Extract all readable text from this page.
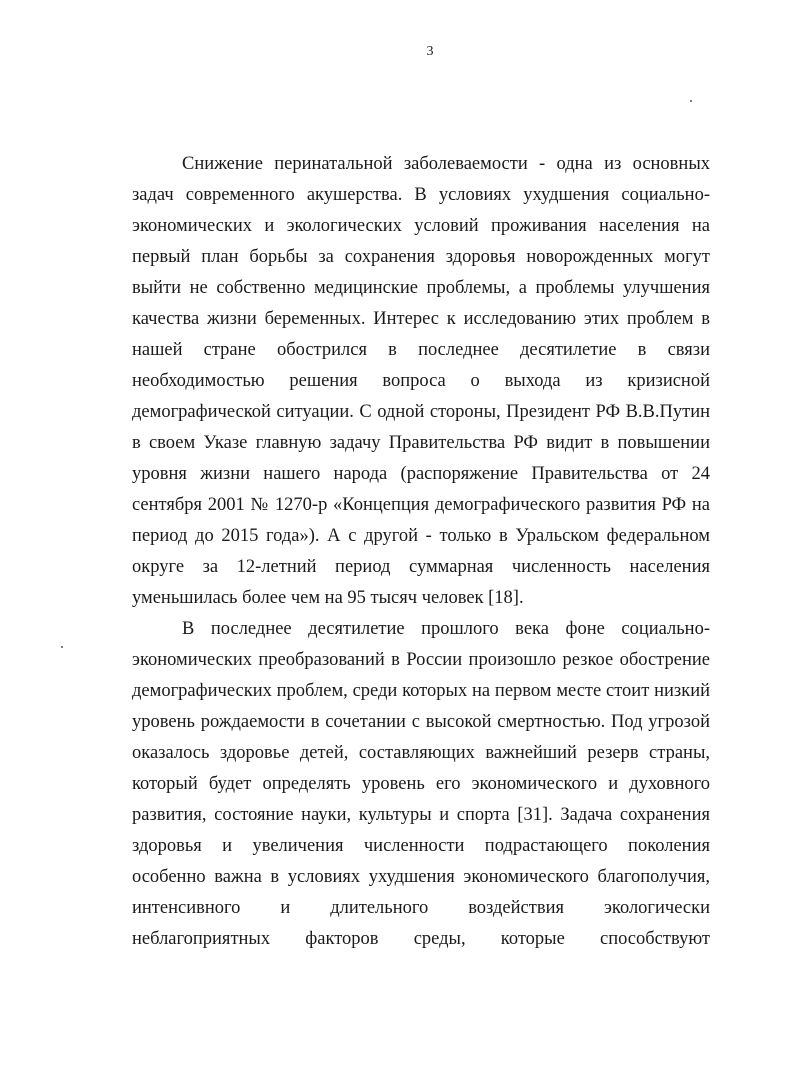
3
Снижение перинатальной заболеваемости - одна из основных
задач современного акушерства. В условиях ухудшения социально-
экономических и экологических условий проживания населения на
первый план борьбы за сохранения здоровья новорожденных могут
выйти не собственно медицинские проблемы, а проблемы улучшения
качества жизни беременных. Интерес к исследованию этих проблем в
нашей стране обострился в последнее десятилетие в связи
необходимостью решения вопроса о выхода из кризисной
демографической ситуации. С одной стороны, Президент РФ В.В.Путин
в своем Указе главную задачу Правительства РФ видит в повышении
уровня жизни нашего народа (распоряжение Правительства от 24
сентября 2001 № 1270-р «Концепция демографического развития РФ на
период до 2015 года»). А с другой - только в Уральском федеральном
округе за 12-летний период суммарная численность населения
уменьшилась более чем на 95 тысяч человек [18].
В последнее десятилетие прошлого века фоне социально-
экономических преобразований в России произошло резкое обострение
демографических проблем, среди которых на первом месте стоит низкий
уровень рождаемости в сочетании с высокой смертностью. Под угрозой
оказалось здоровье детей, составляющих важнейший резерв страны,
который будет определять уровень его экономического и духовного
развития, состояние науки, культуры и спорта [31]. Задача сохранения
здоровья и увеличения численности подрастающего поколения
особенно важна в условиях ухудшения экономического благополучия,
интенсивного и длительного воздействия экологически
неблагоприятных факторов среды, которые способствуют
